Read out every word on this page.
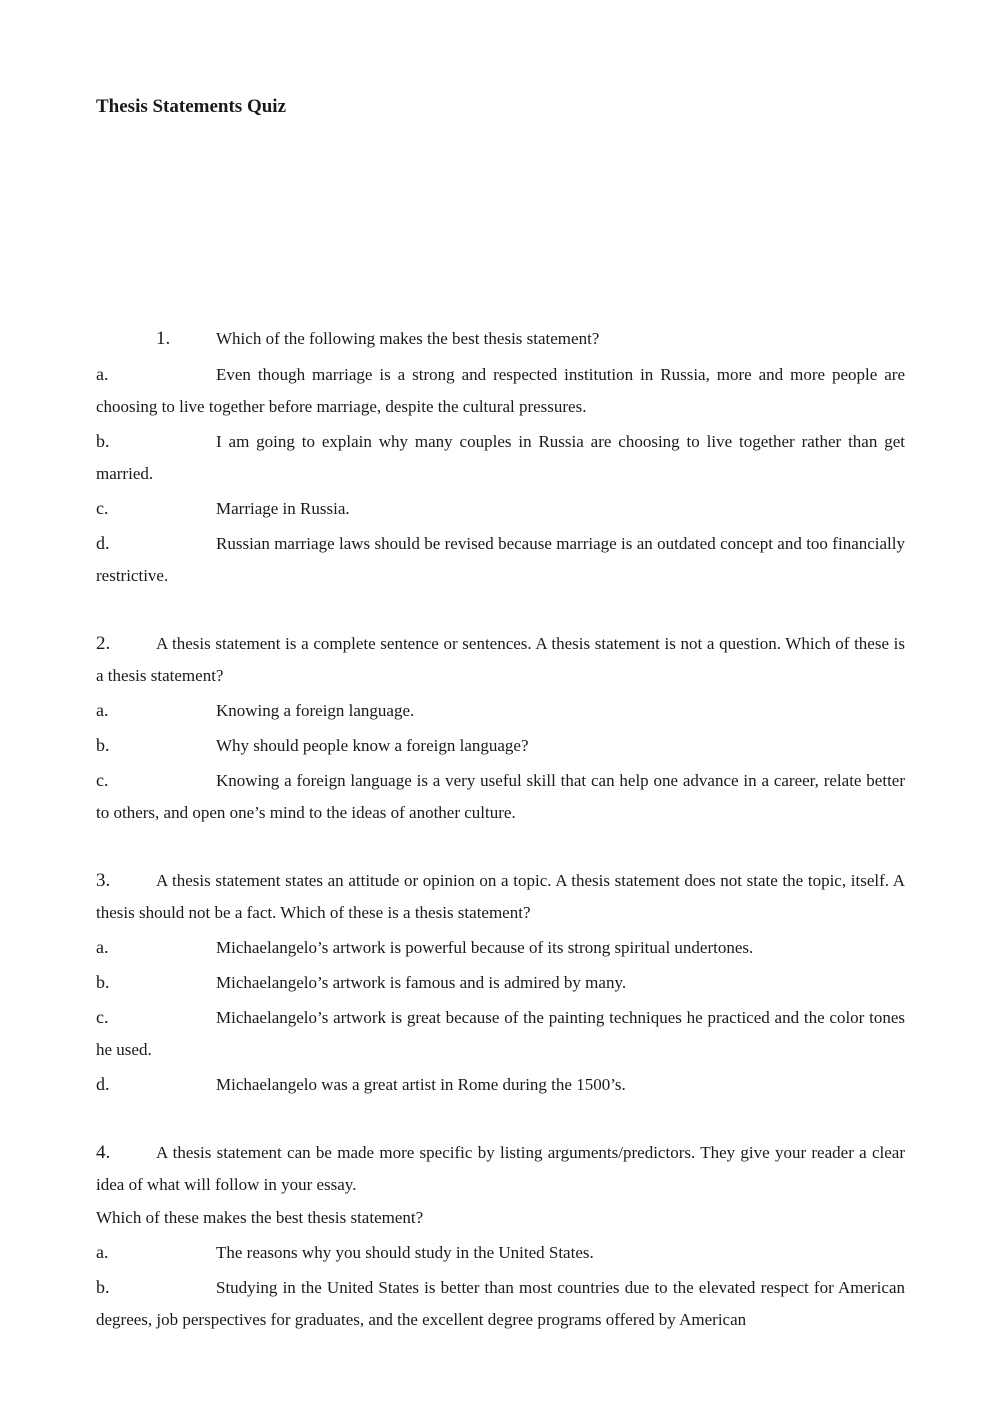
Thesis Statements Quiz
1.	Which of the following makes the best thesis statement?
a.	Even though marriage is a strong and respected institution in Russia, more and more people are choosing to live together before marriage, despite the cultural pressures.
b.	I am going to explain why many couples in Russia are choosing to live together rather than get married.
c.	Marriage in Russia.
d.	Russian marriage laws should be revised because marriage is an outdated concept and too financially restrictive.
2.	A thesis statement is a complete sentence or sentences. A thesis statement is not a question. Which of these is a thesis statement?
a.	Knowing a foreign language.
b.	Why should people know a foreign language?
c.	Knowing a foreign language is a very useful skill that can help one advance in a career, relate better to others, and open one’s mind to the ideas of another culture.
3.	A thesis statement states an attitude or opinion on a topic. A thesis statement does not state the topic, itself. A thesis should not be a fact. Which of these is a thesis statement?
a.	Michaelangelo’s artwork is powerful because of its strong spiritual undertones.
b.	Michaelangelo’s artwork is famous and is admired by many.
c.	Michaelangelo’s artwork is great because of the painting techniques he practiced and the color tones he used.
d.	Michaelangelo was a great artist in Rome during the 1500’s.
4.	A thesis statement can be made more specific by listing arguments/predictors. They give your reader a clear idea of what will follow in your essay.
Which of these makes the best thesis statement?
a.	The reasons why you should study in the United States.
b.	Studying in the United States is better than most countries due to the elevated respect for American degrees, job perspectives for graduates, and the excellent degree programs offered by American
